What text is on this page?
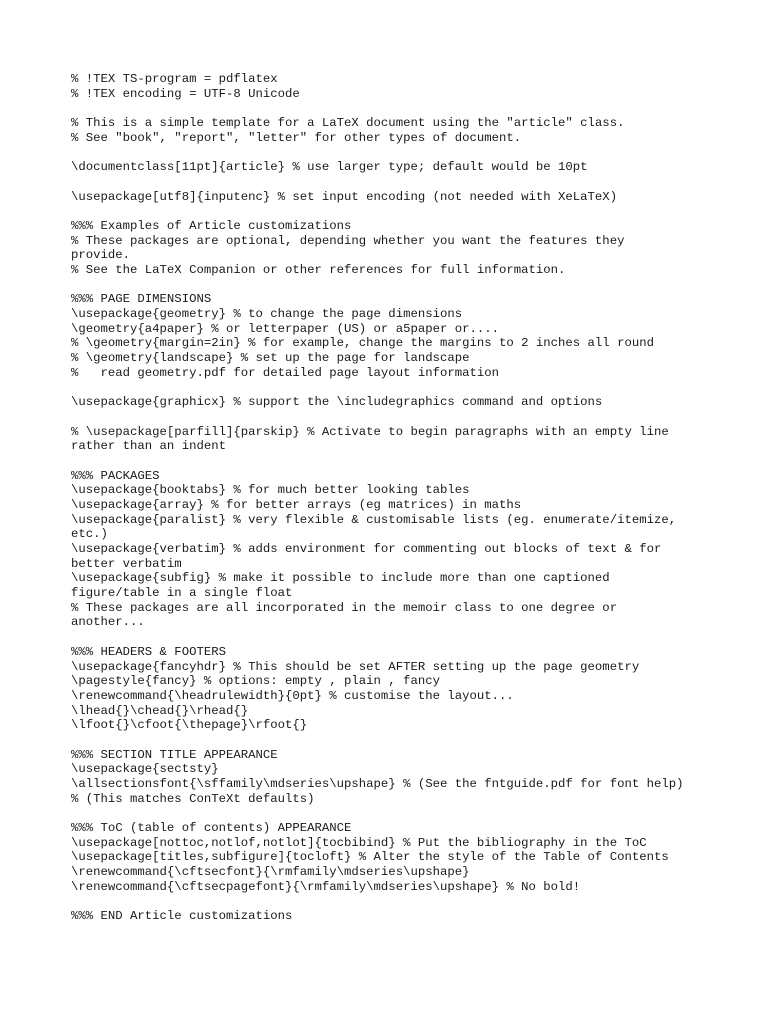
% !TEX TS-program = pdflatex
% !TEX encoding = UTF-8 Unicode
% This is a simple template for a LaTeX document using the "article" class.
% See "book", "report", "letter" for other types of document.
\documentclass[11pt]{article} % use larger type; default would be 10pt
\usepackage[utf8]{inputenc} % set input encoding (not needed with XeLaTeX)
%%% Examples of Article customizations
% These packages are optional, depending whether you want the features they
provide.
% See the LaTeX Companion or other references for full information.
%%% PAGE DIMENSIONS
\usepackage{geometry} % to change the page dimensions
\geometry{a4paper} % or letterpaper (US) or a5paper or....
% \geometry{margin=2in} % for example, change the margins to 2 inches all round
% \geometry{landscape} % set up the page for landscape
%   read geometry.pdf for detailed page layout information
\usepackage{graphicx} % support the \includegraphics command and options
% \usepackage[parfill]{parskip} % Activate to begin paragraphs with an empty line
rather than an indent
%%% PACKAGES
\usepackage{booktabs} % for much better looking tables
\usepackage{array} % for better arrays (eg matrices) in maths
\usepackage{paralist} % very flexible & customisable lists (eg. enumerate/itemize,
etc.)
\usepackage{verbatim} % adds environment for commenting out blocks of text & for
better verbatim
\usepackage{subfig} % make it possible to include more than one captioned
figure/table in a single float
% These packages are all incorporated in the memoir class to one degree or
another...
%%% HEADERS & FOOTERS
\usepackage{fancyhdr} % This should be set AFTER setting up the page geometry
\pagestyle{fancy} % options: empty , plain , fancy
\renewcommand{\headrulewidth}{0pt} % customise the layout...
\lhead{}\chead{}\rhead{}
\lfoot{}\cfoot{\thepage}\rfoot{}
%%% SECTION TITLE APPEARANCE
\usepackage{sectsty}
\allsectionsfont{\sffamily\mdseries\upshape} % (See the fntguide.pdf for font help)
% (This matches ConTeXt defaults)
%%% ToC (table of contents) APPEARANCE
\usepackage[nottoc,notlof,notlot]{tocbibind} % Put the bibliography in the ToC
\usepackage[titles,subfigure]{tocloft} % Alter the style of the Table of Contents
\renewcommand{\cftsecfont}{\rmfamily\mdseries\upshape}
\renewcommand{\cftsecpagefont}{\rmfamily\mdseries\upshape} % No bold!
%%% END Article customizations
